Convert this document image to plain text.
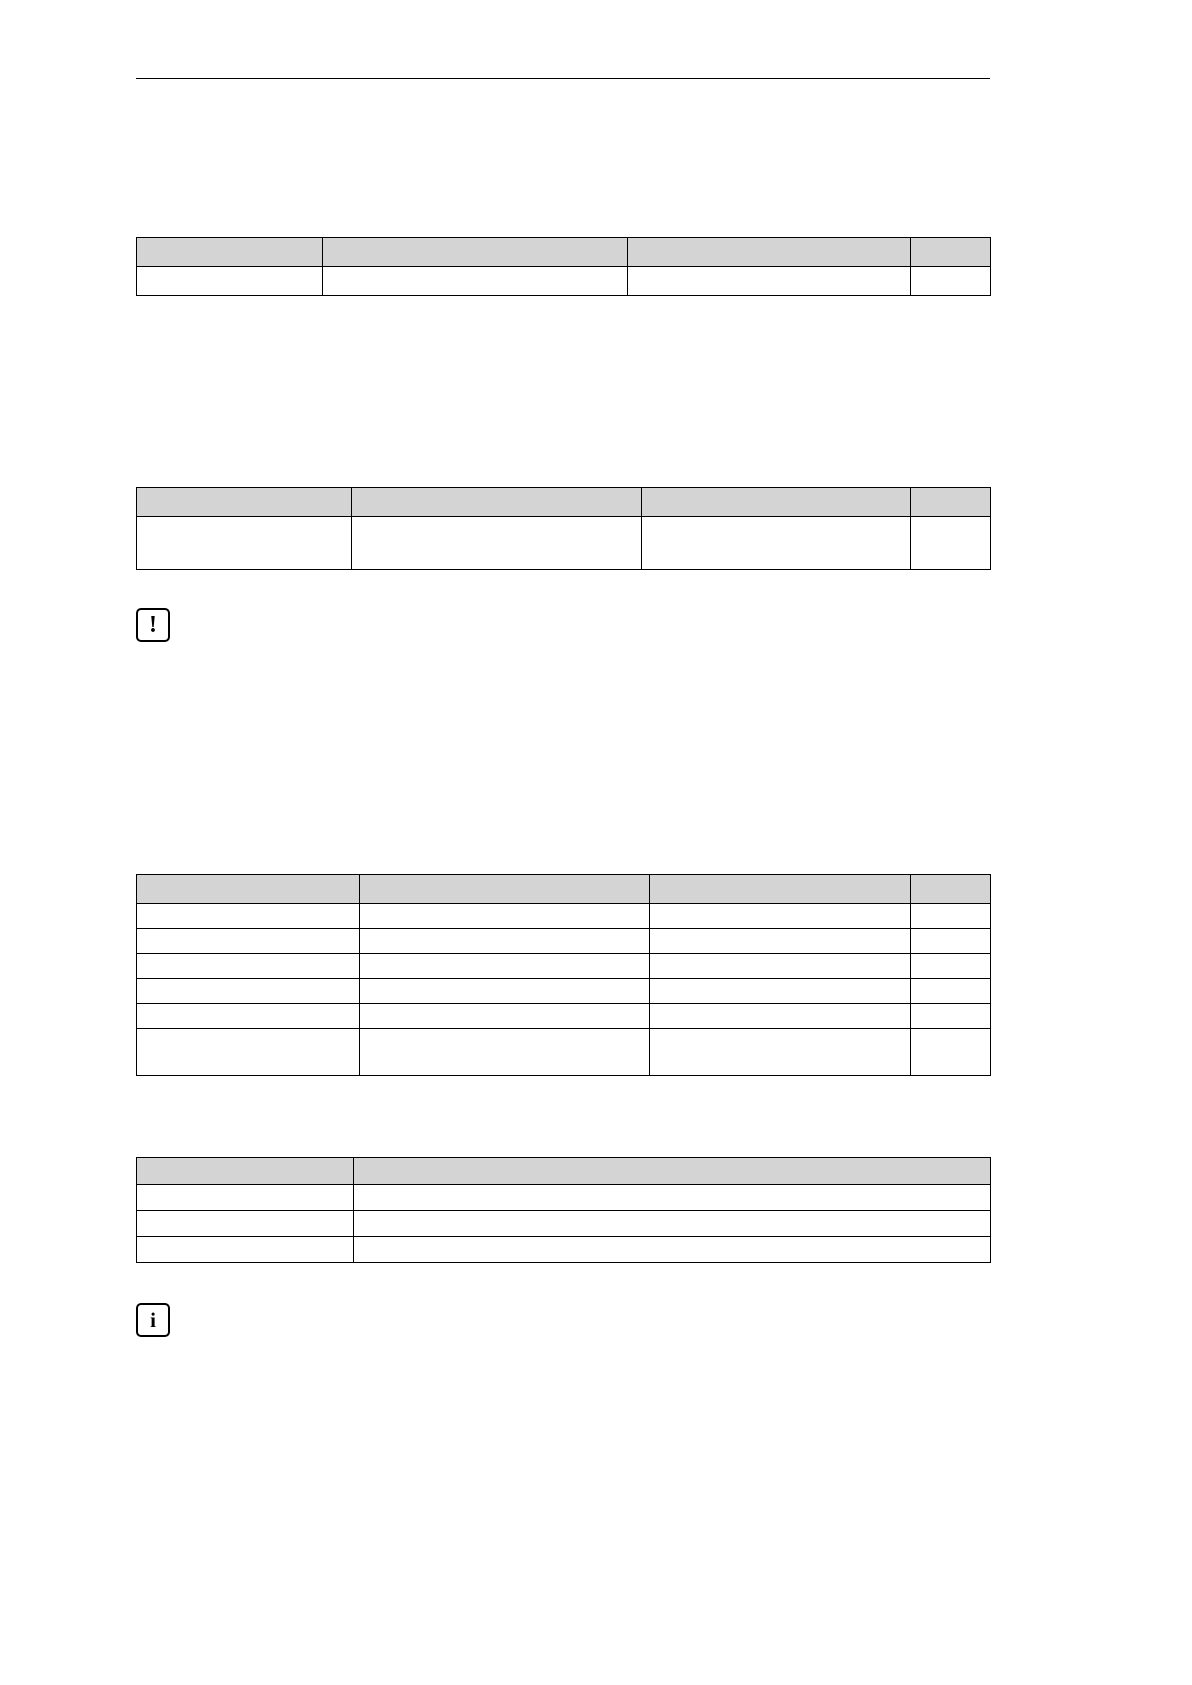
!

i
